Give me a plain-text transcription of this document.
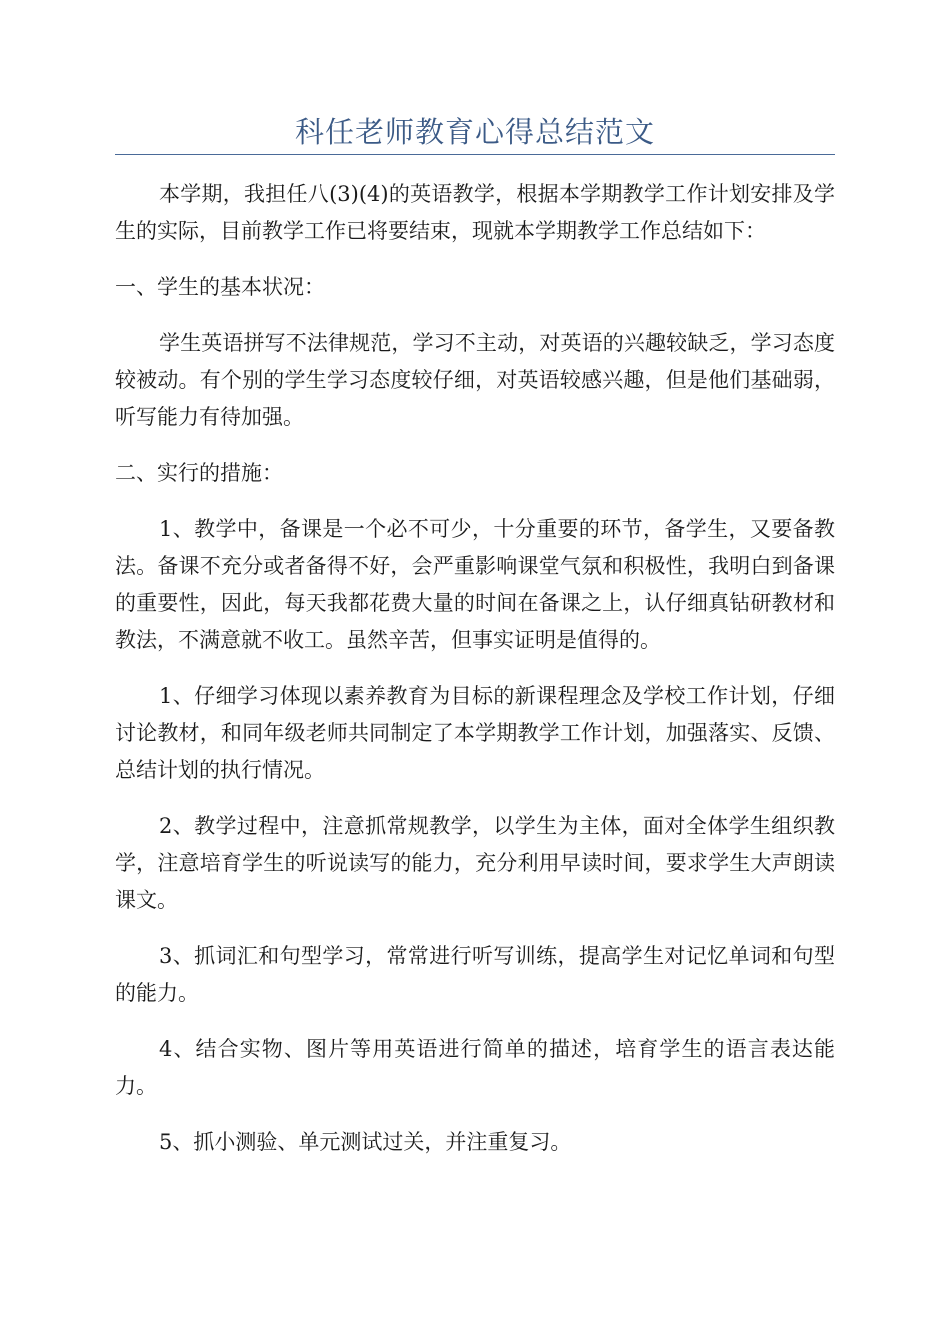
科任老师教育心得总结范文

本学期，我担任八(3)(4)的英语教学，根据本学期教学工作计划安排及学生的实际，目前教学工作已将要结束，现就本学期教学工作总结如下：

一、学生的基本状况：

学生英语拼写不法律规范，学习不主动，对英语的兴趣较缺乏，学习态度较被动。有个别的学生学习态度较仔细，对英语较感兴趣，但是他们基础弱，听写能力有待加强。

二、实行的措施：

1、教学中，备课是一个必不可少，十分重要的环节，备学生，又要备教法。备课不充分或者备得不好，会严重影响课堂气氛和积极性，我明白到备课的重要性，因此，每天我都花费大量的时间在备课之上，认仔细真钻研教材和教法，不满意就不收工。虽然辛苦，但事实证明是值得的。

1、仔细学习体现以素养教育为目标的新课程理念及学校工作计划，仔细讨论教材，和同年级老师共同制定了本学期教学工作计划，加强落实、反馈、总结计划的执行情况。

2、教学过程中，注意抓常规教学，以学生为主体，面对全体学生组织教学，注意培育学生的听说读写的能力，充分利用早读时间，要求学生大声朗读课文。

3、抓词汇和句型学习，常常进行听写训练，提高学生对记忆单词和句型的能力。

4、结合实物、图片等用英语进行简单的描述，培育学生的语言表达能力。

5、抓小测验、单元测试过关，并注重复习。
